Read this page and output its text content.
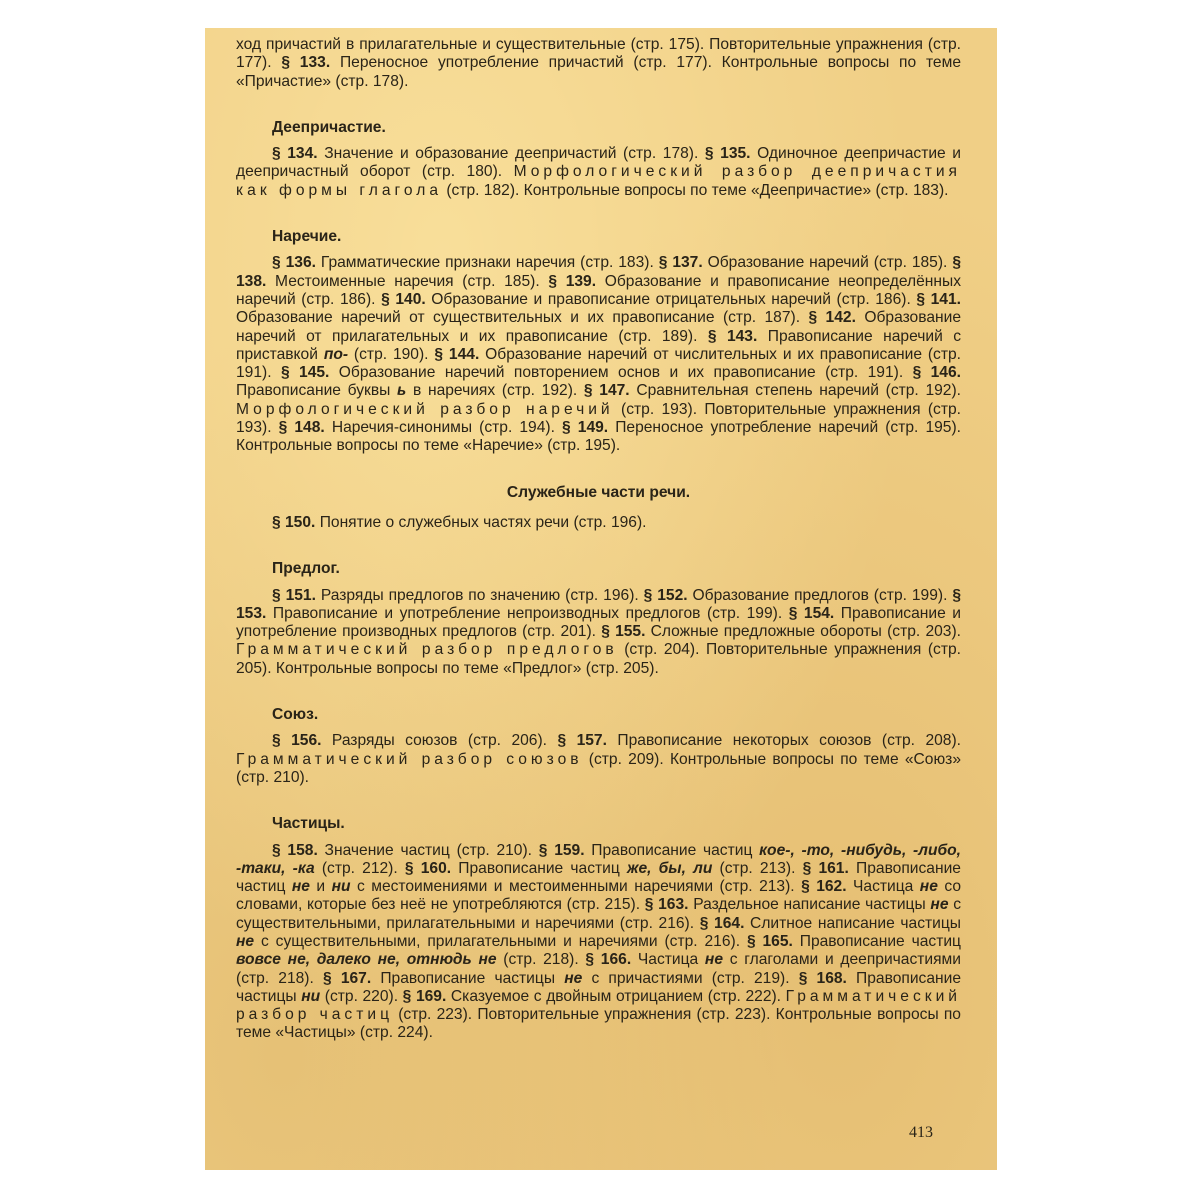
ход причастий в прилагательные и существительные (стр. 175). Повторительные упражнения (стр. 177). § 133. Переносное употребление причастий (стр. 177). Контрольные вопросы по теме «Причастие» (стр. 178).

Деепричастие.

§ 134. Значение и образование деепричастий (стр. 178). § 135. Одиночное деепричастие и деепричастный оборот (стр. 180). Морфологический разбор деепричастия как формы глагола (стр. 182). Контрольные вопросы по теме «Деепричастие» (стр. 183).

Наречие.

§ 136. Грамматические признаки наречия (стр. 183). § 137. Образование наречий (стр. 185). § 138. Местоименные наречия (стр. 185). § 139. Образование и правописание неопределённых наречий (стр. 186). § 140. Образование и правописание отрицательных наречий (стр. 186). § 141. Образование наречий от существительных и их правописание (стр. 187). § 142. Образование наречий от прилагательных и их правописание (стр. 189). § 143. Правописание наречий с приставкой по- (стр. 190). § 144. Образование наречий от числительных и их правописание (стр. 191). § 145. Образование наречий повторением основ и их правописание (стр. 191). § 146. Правописание буквы ь в наречиях (стр. 192). § 147. Сравнительная степень наречий (стр. 192). Морфологический разбор наречий (стр. 193). Повторительные упражнения (стр. 193). § 148. Наречия-синонимы (стр. 194). § 149. Переносное употребление наречий (стр. 195). Контрольные вопросы по теме «Наречие» (стр. 195).

Служебные части речи.

§ 150. Понятие о служебных частях речи (стр. 196).

Предлог.

§ 151. Разряды предлогов по значению (стр. 196). § 152. Образование предлогов (стр. 199). § 153. Правописание и употребление непроизводных предлогов (стр. 199). § 154. Правописание и употребление производных предлогов (стр. 201). § 155. Сложные предложные обороты (стр. 203). Грамматический разбор предлогов (стр. 204). Повторительные упражнения (стр. 205). Контрольные вопросы по теме «Предлог» (стр. 205).

Союз.

§ 156. Разряды союзов (стр. 206). § 157. Правописание некоторых союзов (стр. 208). Грамматический разбор союзов (стр. 209). Контрольные вопросы по теме «Союз» (стр. 210).

Частицы.

§ 158. Значение частиц (стр. 210). § 159. Правописание частиц кое-, -то, -нибудь, -либо, -таки, -ка (стр. 212). § 160. Правописание частиц же, бы, ли (стр. 213). § 161. Правописание частиц не и ни с местоимениями и местоименными наречиями (стр. 213). § 162. Частица не со словами, которые без неё не употребляются (стр. 215). § 163. Раздельное написание частицы не с существительными, прилагательными и наречиями (стр. 216). § 164. Слитное написание частицы не с существительными, прилагательными и наречиями (стр. 216). § 165. Правописание частиц вовсе не, далеко не, отнюдь не (стр. 218). § 166. Частица не с глаголами и деепричастиями (стр. 218). § 167. Правописание частицы не с причастиями (стр. 219). § 168. Правописание частицы ни (стр. 220). § 169. Сказуемое с двойным отрицанием (стр. 222). Грамматический разбор частиц (стр. 223). Повторительные упражнения (стр. 223). Контрольные вопросы по теме «Частицы» (стр. 224).

413
